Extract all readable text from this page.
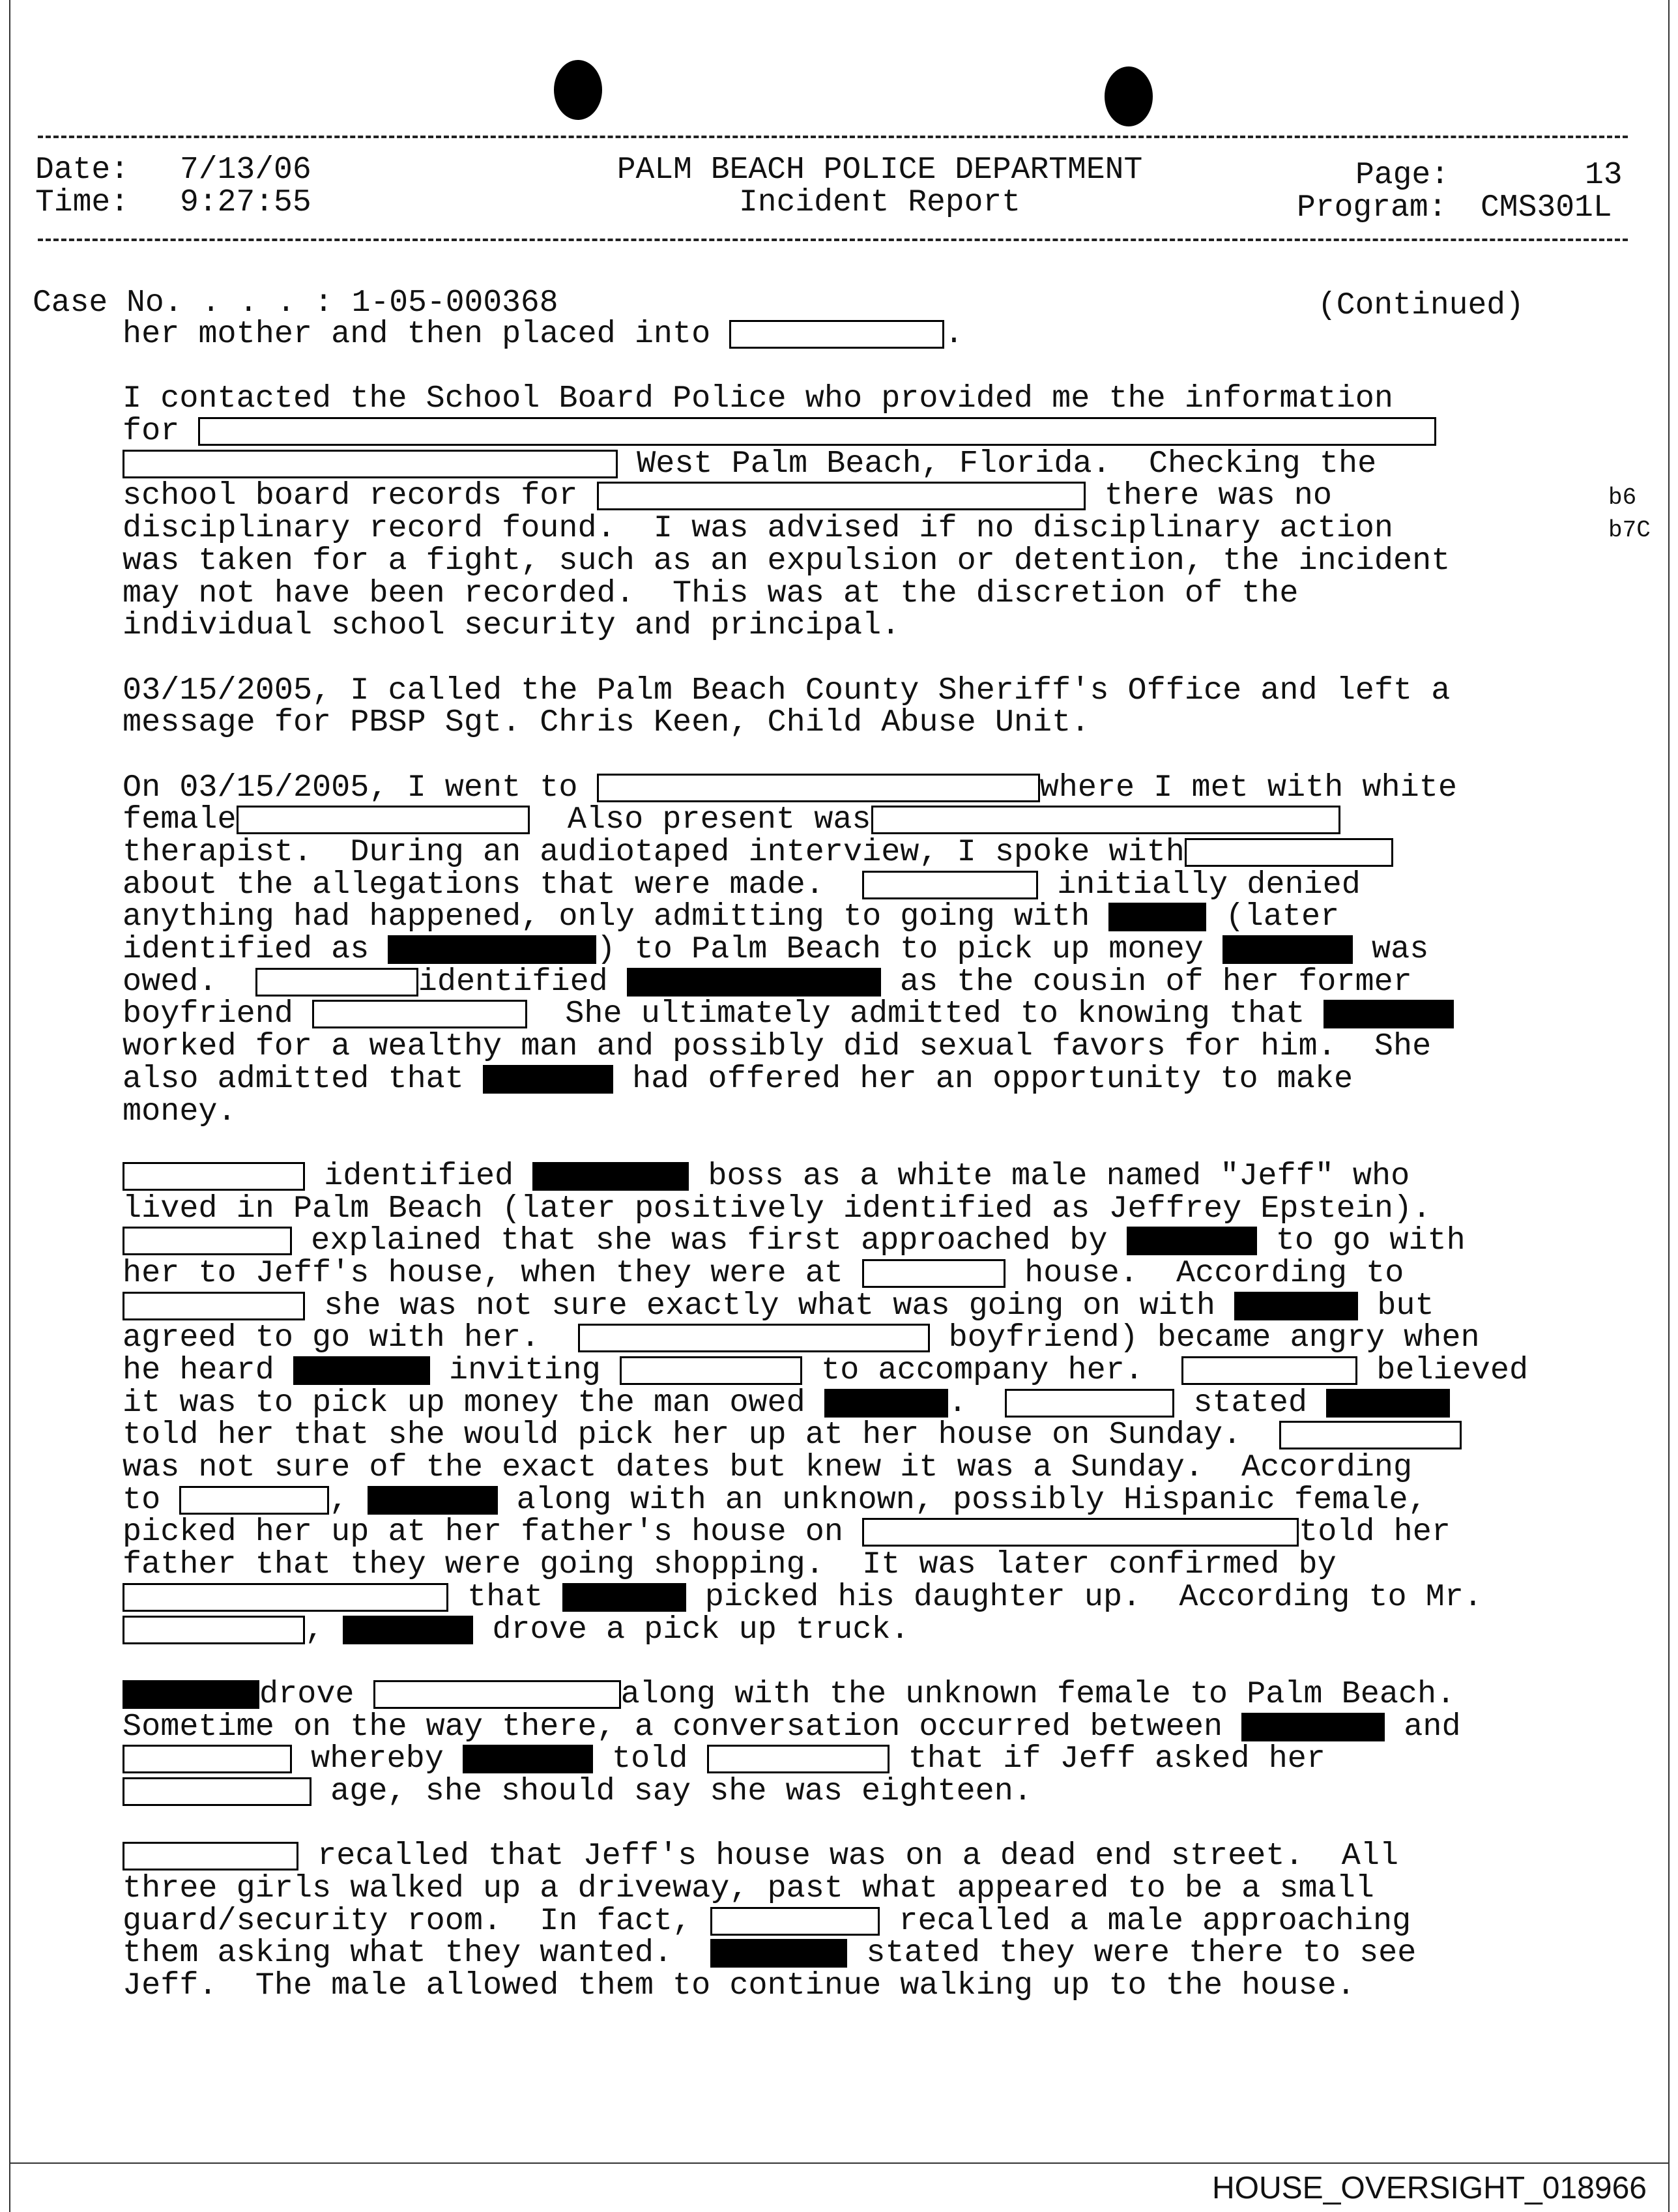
Date: 7/13/06
Time: 9:27:55
PALM BEACH POLICE DEPARTMENT
Incident Report
Page:	13
Program: CMS301L
Case No. . . . : 1-05-000368	(Continued)
b6
b7C
her mother and then placed into	.
I contacted the School Board Police who provided me the information
for
West Palm Beach, Florida.  Checking the
school board records for	there was no
disciplinary record found.  I was advised if no disciplinary action
was taken for a fight, such as an expulsion or detention, the incident
may not have been recorded.  This was at the discretion of the
individual school security and principal.
03/15/2005, I called the Palm Beach County Sheriff's Office and left a
message for PBSP Sgt. Chris Keen, Child Abuse Unit.
On 03/15/2005, I went to	where I met with white
female	Also present was
therapist.  During an audiotaped interview, I spoke with
about the allegations that were made.	initially denied
anything had happened, only admitting to going with	(later
identified as	) to Palm Beach to pick up money	was
owed.	identified	as the cousin of her former
boyfriend	She ultimately admitted to knowing that
worked for a wealthy man and possibly did sexual favors for him.  She
also admitted that	had offered her an opportunity to make
money.
identified	boss as a white male named "Jeff" who
lived in Palm Beach (later positively identified as Jeffrey Epstein).
explained that she was first approached by	to go with
her to Jeff's house, when they were at	house.  According to
she was not sure exactly what was going on with	but
agreed to go with her.	boyfriend) became angry when
he heard	inviting	to accompany her.	believed
it was to pick up money the man owed	.	stated
told her that she would pick her up at her house on Sunday.
was not sure of the exact dates but knew it was a Sunday.  According
to	,	along with an unknown, possibly Hispanic female,
picked her up at her father's house on	told her
father that they were going shopping.  It was later confirmed by
that	picked his daughter up.  According to Mr.
,	drove a pick up truck.
drove	along with the unknown female to Palm Beach.
Sometime on the way there, a conversation occurred between	and
whereby	told	that if Jeff asked her
age, she should say she was eighteen.
recalled that Jeff's house was on a dead end street.  All
three girls walked up a driveway, past what appeared to be a small
guard/security room.  In fact,	recalled a male approaching
them asking what they wanted.	stated they were there to see
Jeff.  The male allowed them to continue walking up to the house.
HOUSE_OVERSIGHT_018966
